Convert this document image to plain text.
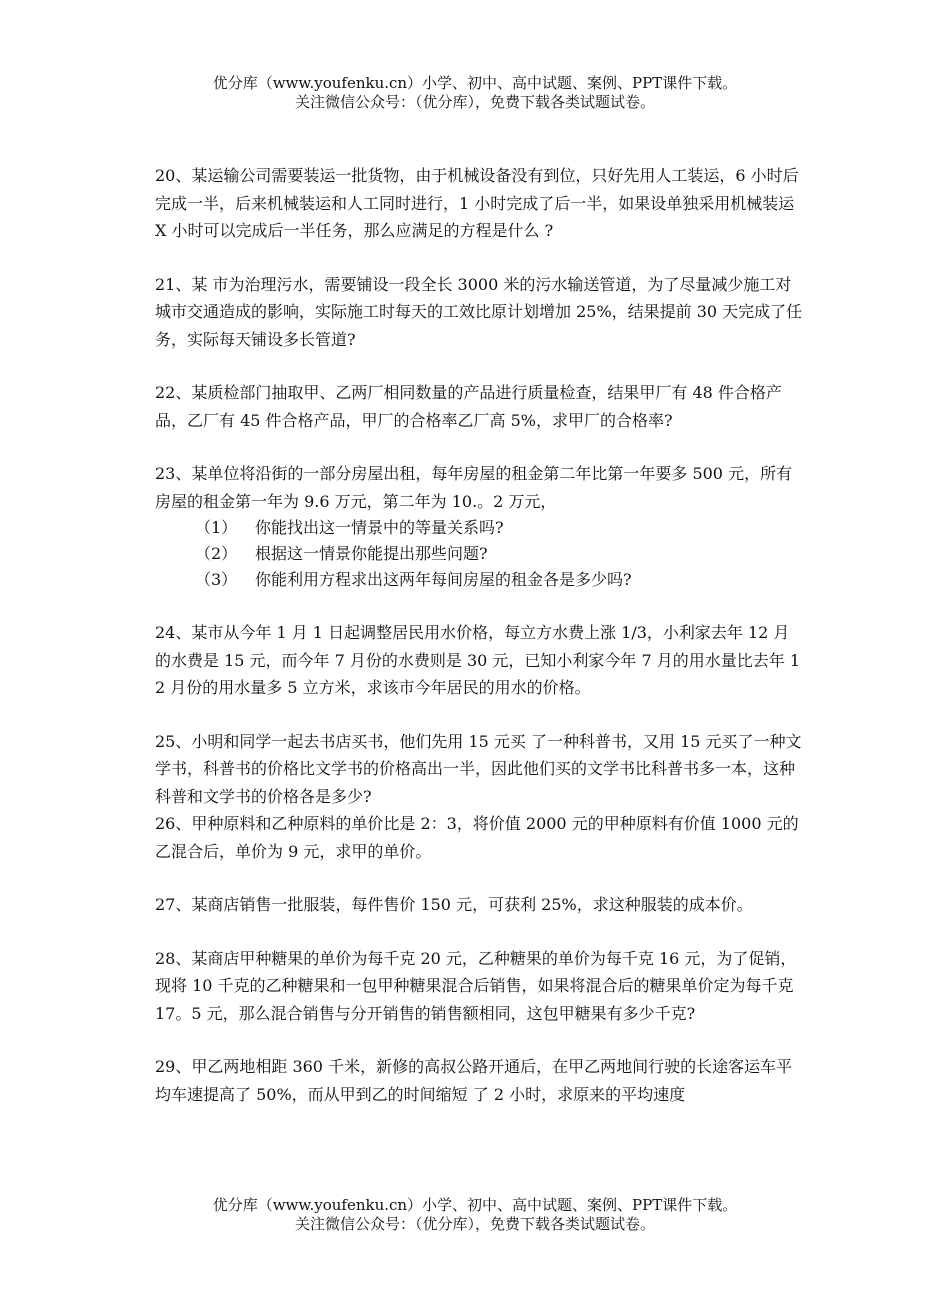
优分库（www.youfenku.cn）小学、初中、高中试题、案例、PPT课件下载。
关注微信公众号：（优分库），免费下载各类试题试卷。

20、某运输公司需要装运一批货物，由于机械设备没有到位，只好先用人工装运，6 小时后完成一半，后来机械装运和人工同时进行，1 小时完成了后一半，如果设单独采用机械装运 X 小时可以完成后一半任务，那么应满足的方程是什么 ?

21、某 市为治理污水，需要铺设一段全长 3000 米的污水输送管道，为了尽量减少施工对城市交通造成的影响，实际施工时每天的工效比原计划增加 25%，结果提前 30 天完成了任务，实际每天铺设多长管道?

22、某质检部门抽取甲、乙两厂相同数量的产品进行质量检查，结果甲厂有 48 件合格产品，乙厂有 45 件合格产品，甲厂的合格率乙厂高 5%，求甲厂的合格率?

23、某单位将沿街的一部分房屋出租，每年房屋的租金第二年比第一年要多 500 元，所有房屋的租金第一年为 9.6 万元，第二年为 10.。2 万元，

（1）	你能找出这一情景中的等量关系吗?
（2）	根据这一情景你能提出那些问题?
（3）	你能利用方程求出这两年每间房屋的租金各是多少吗?

24、某市从今年 1 月 1 日起调整居民用水价格，每立方水费上涨 1/3，小利家去年 12 月的水费是 15 元，而今年 7 月份的水费则是 30 元，已知小利家今年 7 月的用水量比去年 12 月份的用水量多 5 立方米，求该市今年居民的用水的价格。

25、小明和同学一起去书店买书，他们先用 15 元买 了一种科普书，又用 15 元买了一种文学书，科普书的价格比文学书的价格高出一半，因此他们买的文学书比科普书多一本，这种科普和文学书的价格各是多少?

26、甲种原料和乙种原料的单价比是 2：3，将价值 2000 元的甲种原料有价值 1000 元的乙混合后，单价为 9 元，求甲的单价。

27、某商店销售一批服装，每件售价 150 元，可获利 25%，求这种服装的成本价。

28、某商店甲种糖果的单价为每千克 20 元，乙种糖果的单价为每千克 16 元，为了促销，现将 10 千克的乙种糖果和一包甲种糖果混合后销售，如果将混合后的糖果单价定为每千克 17。5 元，那么混合销售与分开销售的销售额相同，这包甲糖果有多少千克?

29、甲乙两地相距 360 千米，新修的高叔公路开通后，在甲乙两地间行驶的长途客运车平均车速提高了 50%，而从甲到乙的时间缩短 了 2 小时，求原来的平均速度

优分库（www.youfenku.cn）小学、初中、高中试题、案例、PPT课件下载。
关注微信公众号：（优分库），免费下载各类试题试卷。
